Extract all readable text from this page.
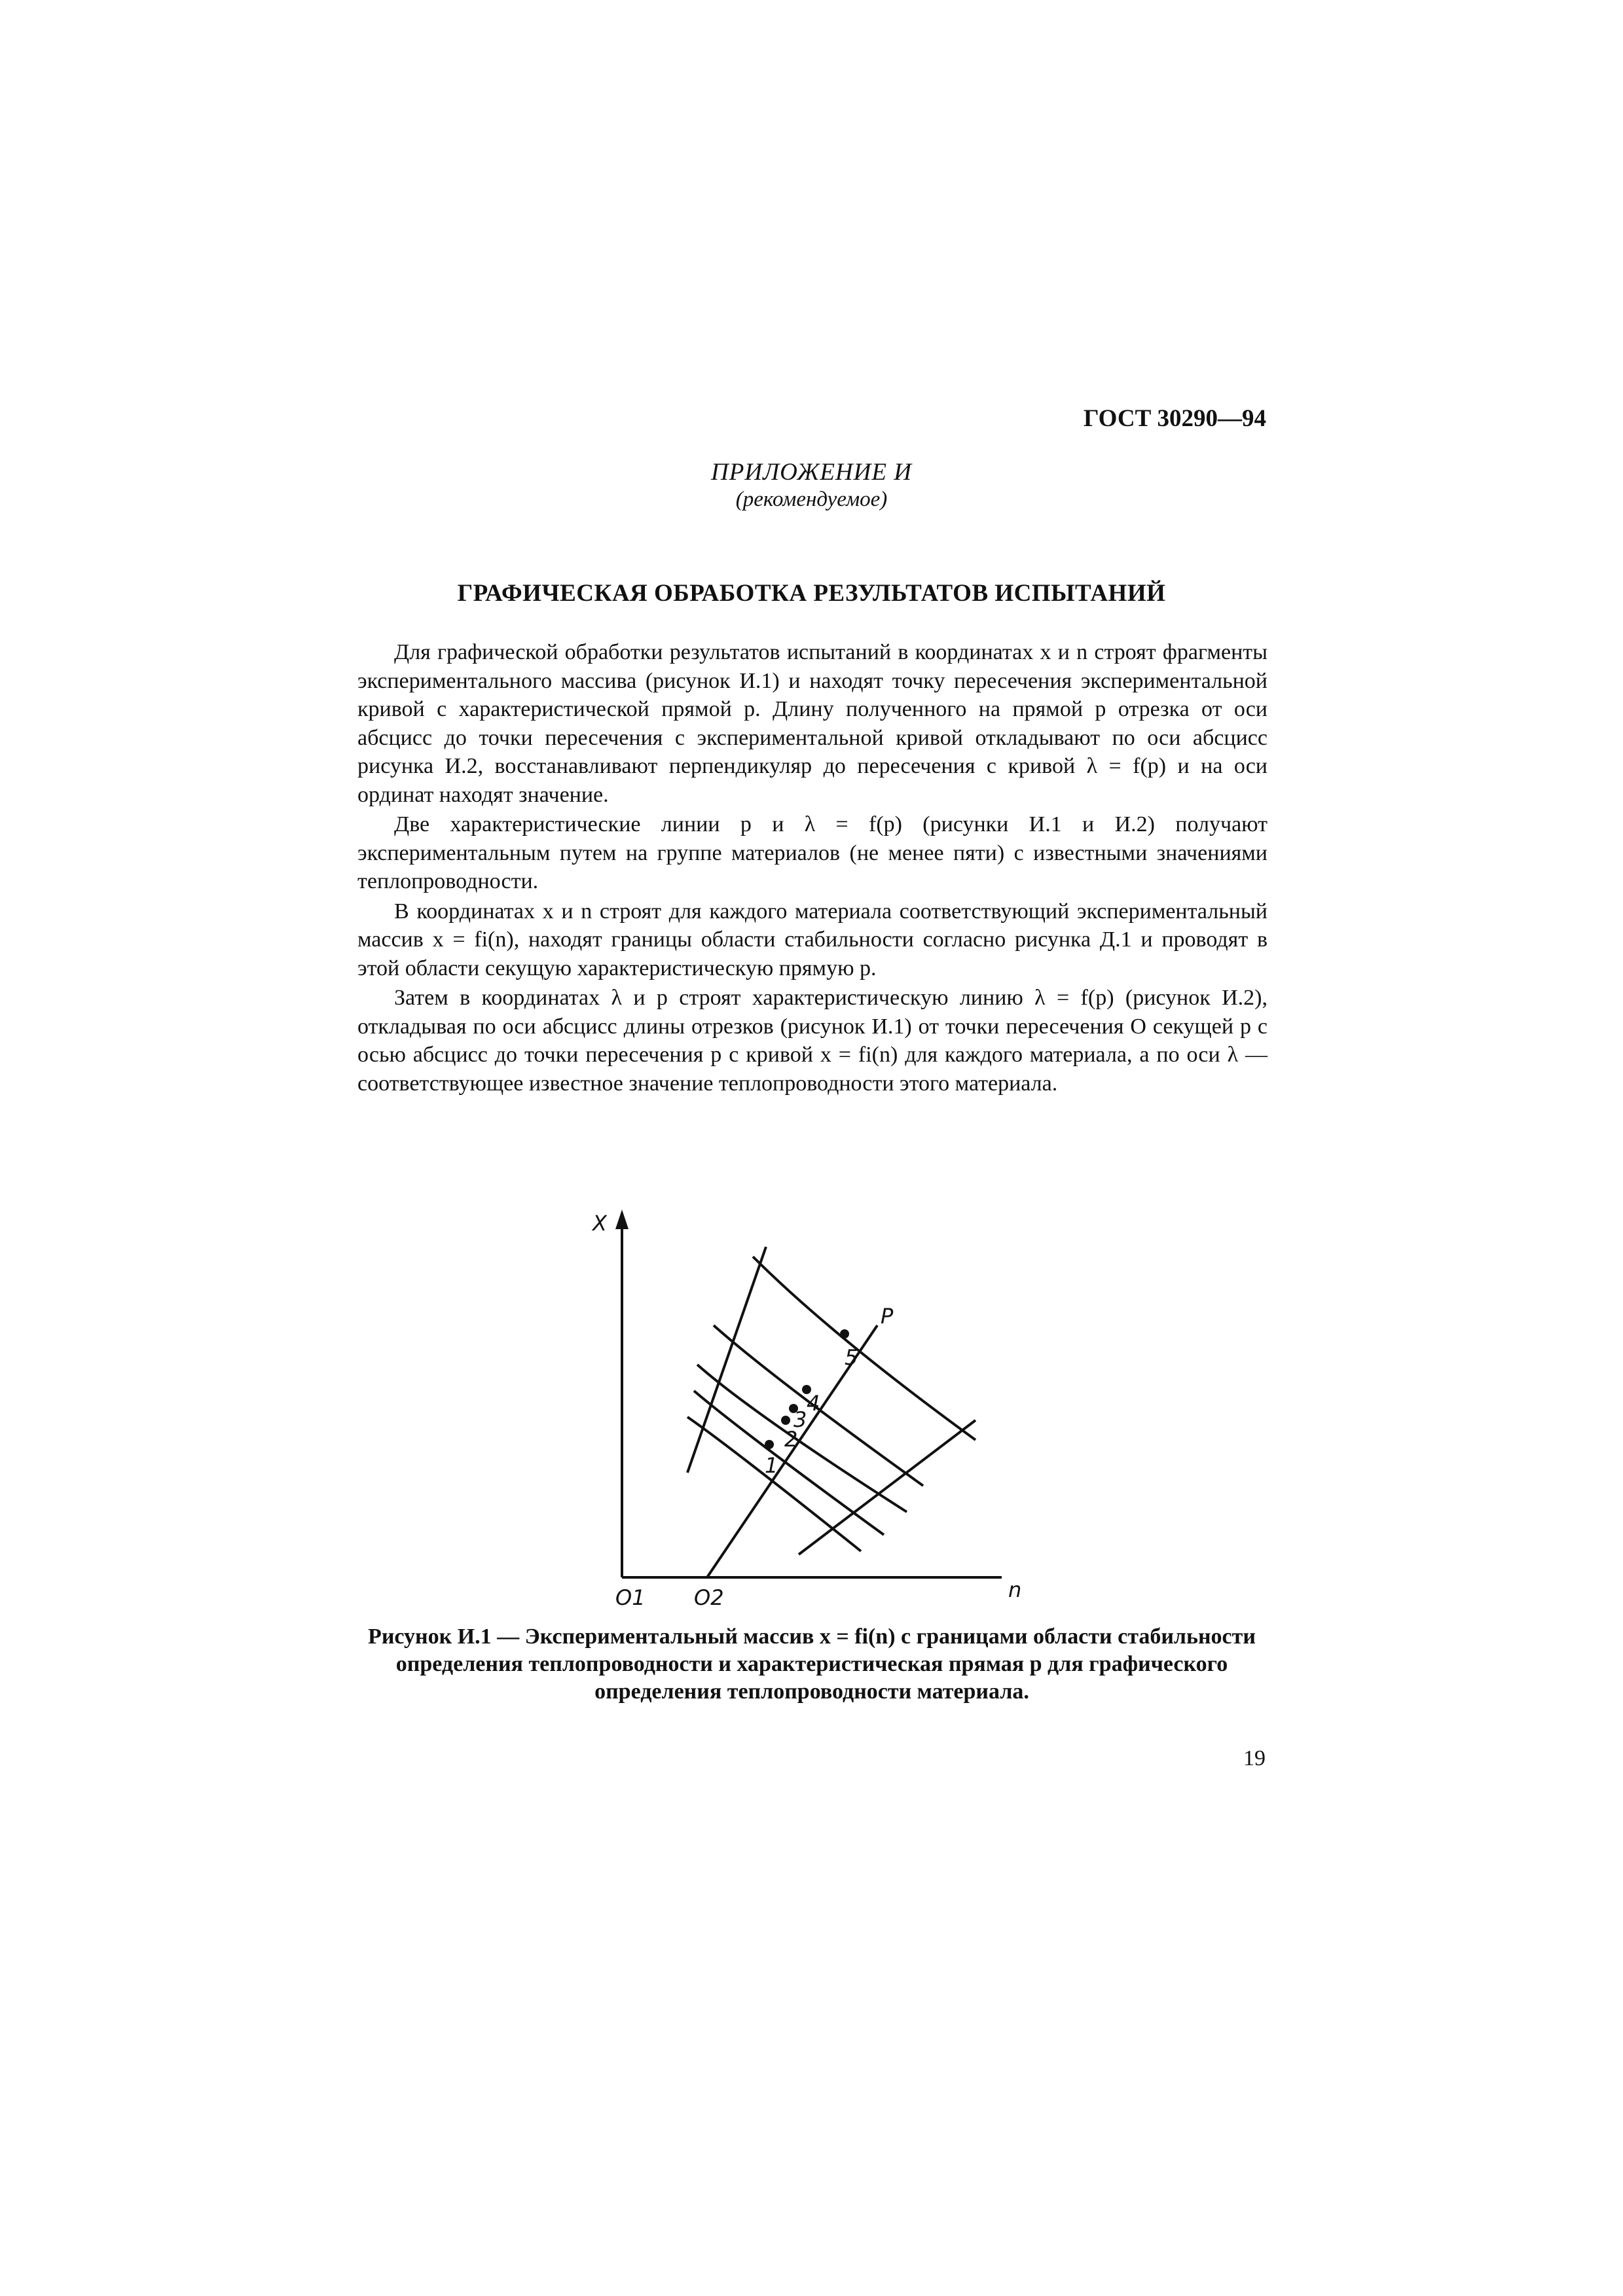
ГОСТ 30290—94
ПРИЛОЖЕНИЕ И
(рекомендуемое)
ГРАФИЧЕСКАЯ ОБРАБОТКА РЕЗУЛЬТАТОВ ИСПЫТАНИЙ

Для графической обработки результатов испытаний в координатах x и n строят фрагменты экспериментального массива (рисунок И.1) и находят точку пересечения экспериментальной кривой с характеристической прямой p. Длину полученного на прямой p отрезка от оси абсцисс до точки пересечения с экспериментальной кривой откладывают по оси абсцисс рисунка И.2, восстанавливают перпендикуляр до пересечения с кривой λ = f(p) и на оси ординат находят значение.

Две характеристические линии p и λ = f(p) (рисунки И.1 и И.2) получают экспериментальным путем на группе материалов (не менее пяти) с известными значениями теплопроводности.

В координатах x и n строят для каждого материала соответствующий экспериментальный массив x = fi(n), находят границы области стабильности согласно рисунка Д.1 и проводят в этой области секущую характеристическую прямую p.

Затем в координатах λ и p строят характеристическую линию λ = f(p) (рисунок И.2), откладывая по оси абсцисс длины отрезков (рисунок И.1) от точки пересечения О секущей p с осью абсцисс до точки пересечения p с кривой x = fi(n) для каждого материала, а по оси λ — соответствующее известное значение теплопроводности этого материала.

X
n
P
O1 O2
1
2
3
4
5
Рисунок И.1 — Экспериментальный массив x = fi(n) с границами области стабильности определения теплопроводности и характеристическая прямая p для графического определения теплопроводности материала.
19
